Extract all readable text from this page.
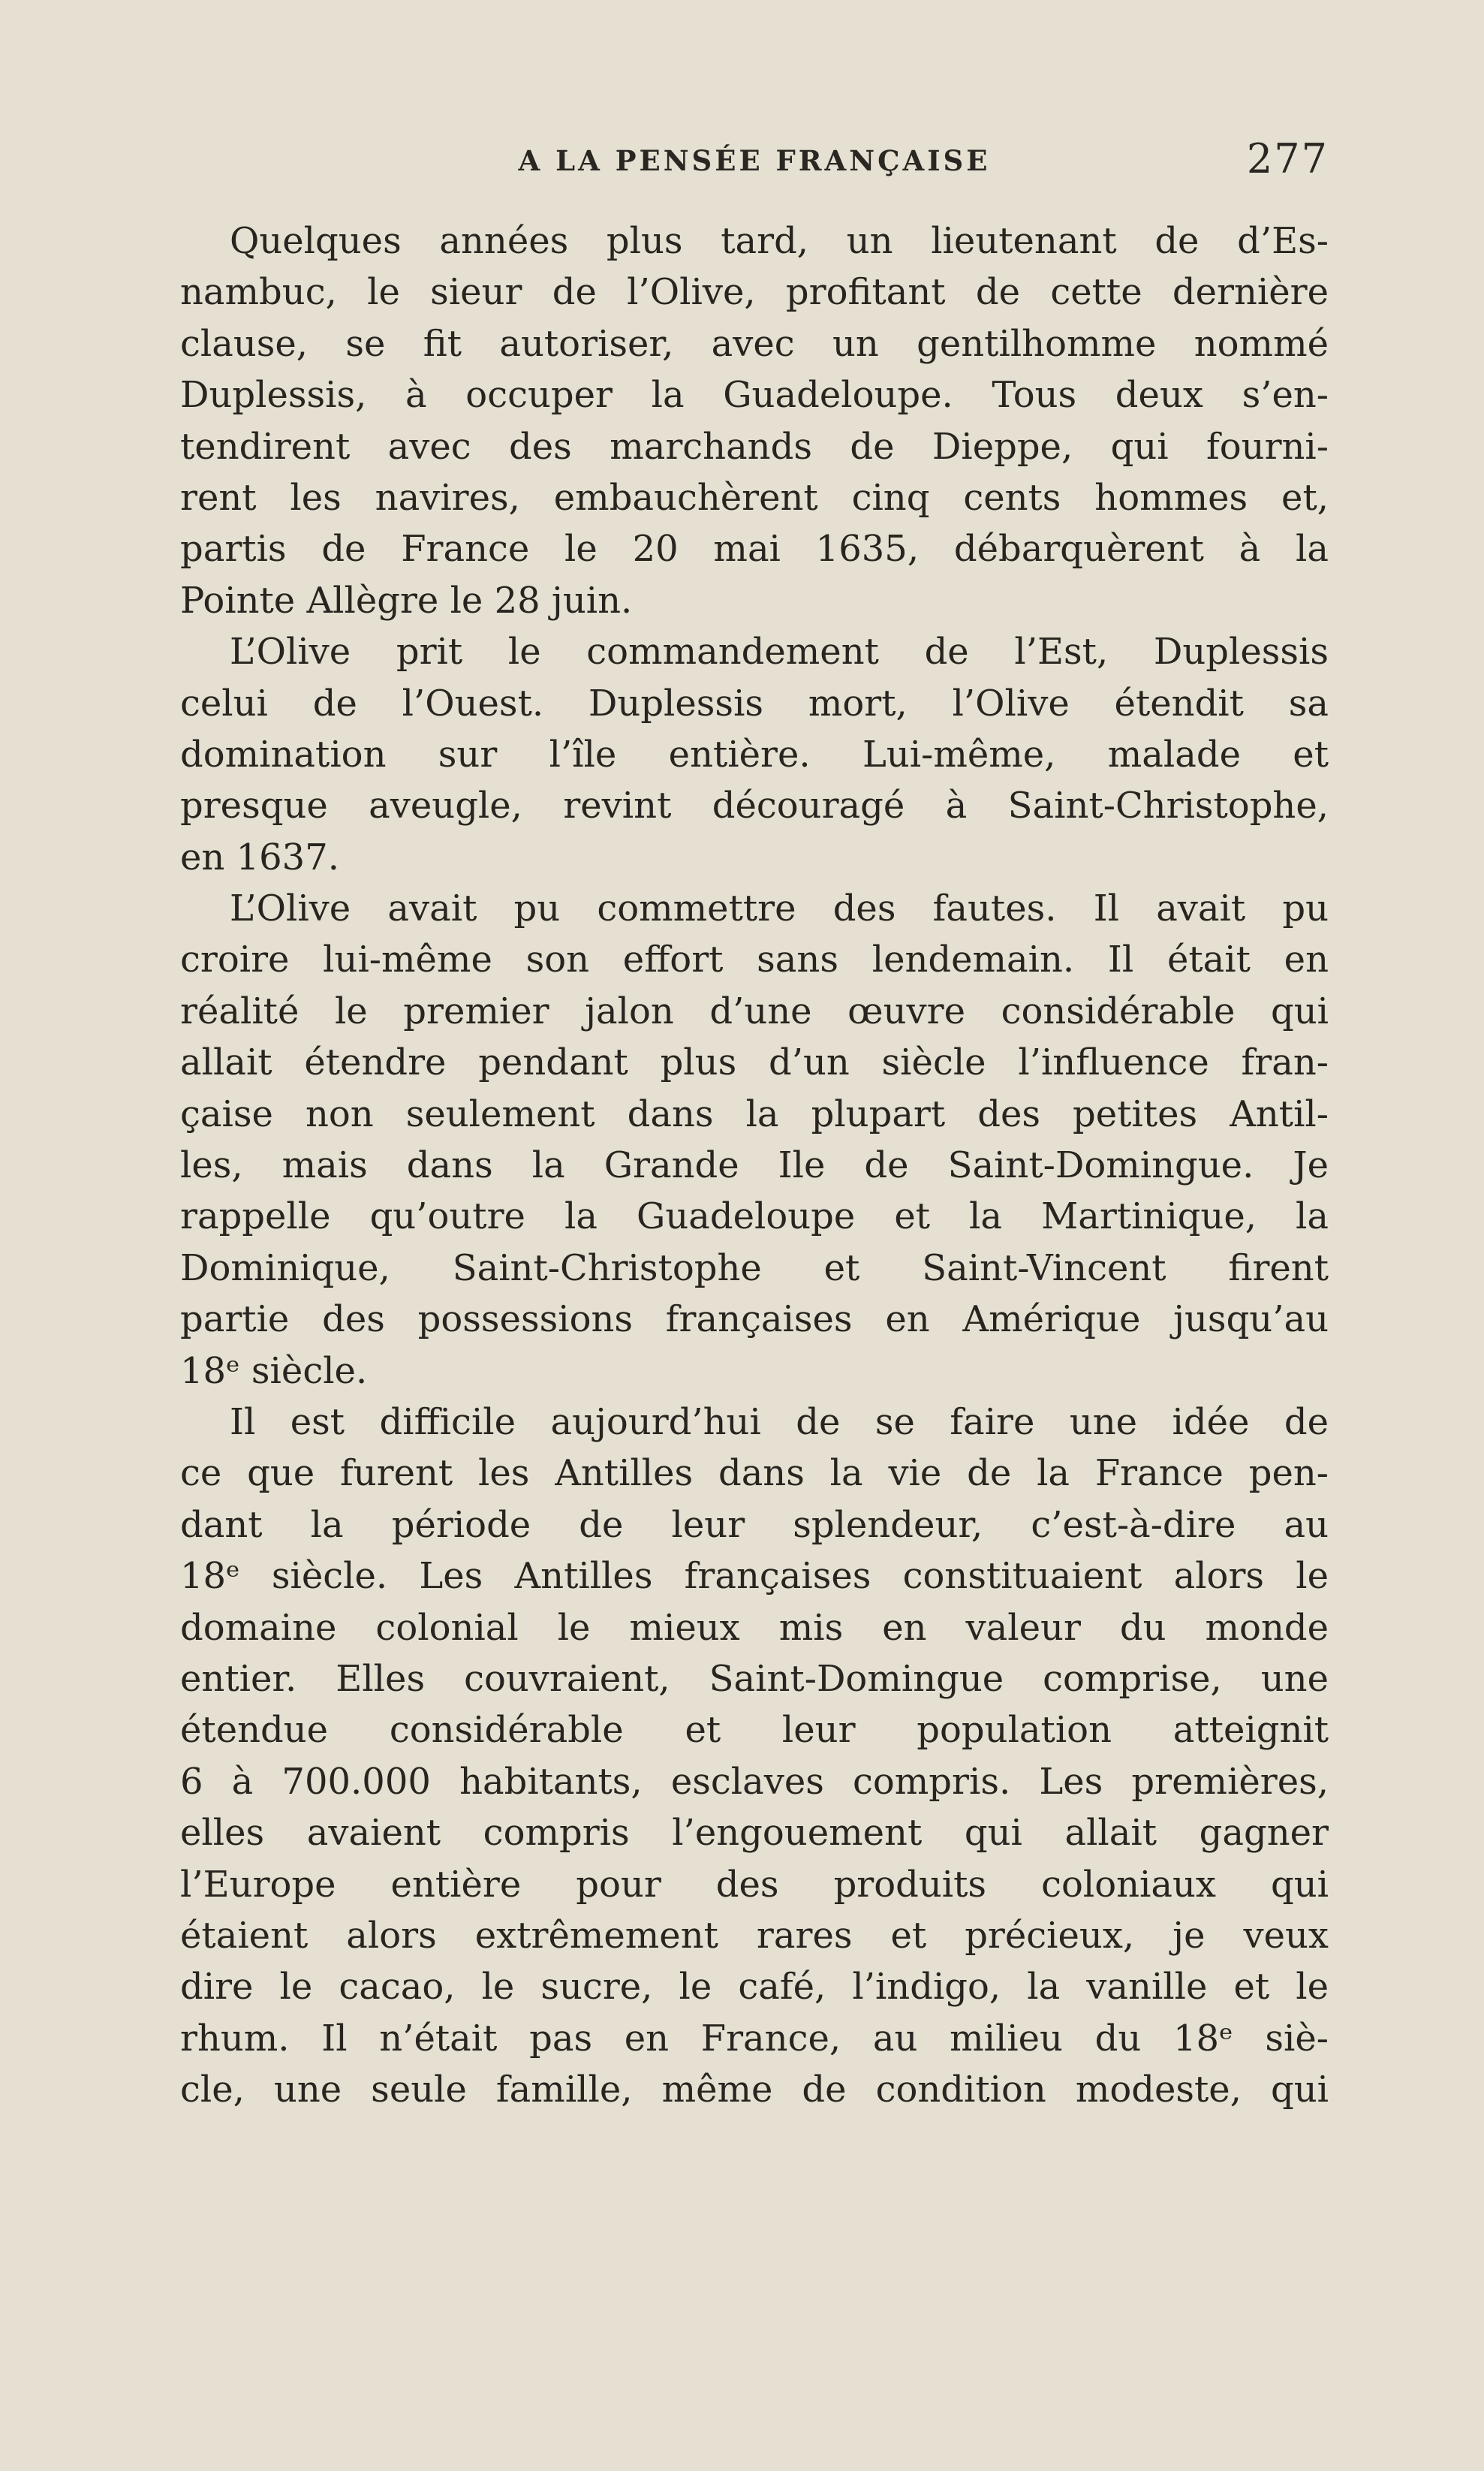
A LA PENSÉE FRANÇAISE	277
Quelques années plus tard, un lieutenant de d’Es-
nambuc, le sieur de l’Olive, profitant de cette dernière
clause, se fit autoriser, avec un gentilhomme nommé
Duplessis, à occuper la Guadeloupe. Tous deux s’en-
tendirent avec des marchands de Dieppe, qui fourni-
rent les navires, embauchèrent cinq cents hommes et,
partis de France le 20 mai 1635, débarquèrent à la
Pointe Allègre le 28 juin.
L’Olive prit le commandement de l’Est, Duplessis
celui de l’Ouest. Duplessis mort, l’Olive étendit sa
domination sur l’île entière. Lui-même, malade et
presque aveugle, revint découragé à Saint-Christophe,
en 1637.
L’Olive avait pu commettre des fautes. Il avait pu
croire lui-même son effort sans lendemain. Il était en
réalité le premier jalon d’une œuvre considérable qui
allait étendre pendant plus d’un siècle l’influence fran-
çaise non seulement dans la plupart des petites Antil-
les, mais dans la Grande Ile de Saint-Domingue. Je
rappelle qu’outre la Guadeloupe et la Martinique, la
Dominique, Saint-Christophe et Saint-Vincent firent
partie des possessions françaises en Amérique jusqu’au
18ᵉ siècle.
Il est difficile aujourd’hui de se faire une idée de
ce que furent les Antilles dans la vie de la France pen-
dant la période de leur splendeur, c’est-à-dire au
18ᵉ siècle. Les Antilles françaises constituaient alors le
domaine colonial le mieux mis en valeur du monde
entier. Elles couvraient, Saint-Domingue comprise, une
étendue considérable et leur population atteignit
6 à 700.000 habitants, esclaves compris. Les premières,
elles avaient compris l’engouement qui allait gagner
l’Europe entière pour des produits coloniaux qui
étaient alors extrêmement rares et précieux, je veux
dire le cacao, le sucre, le café, l’indigo, la vanille et le
rhum. Il n’était pas en France, au milieu du 18ᵉ siè-
cle, une seule famille, même de condition modeste, qui
